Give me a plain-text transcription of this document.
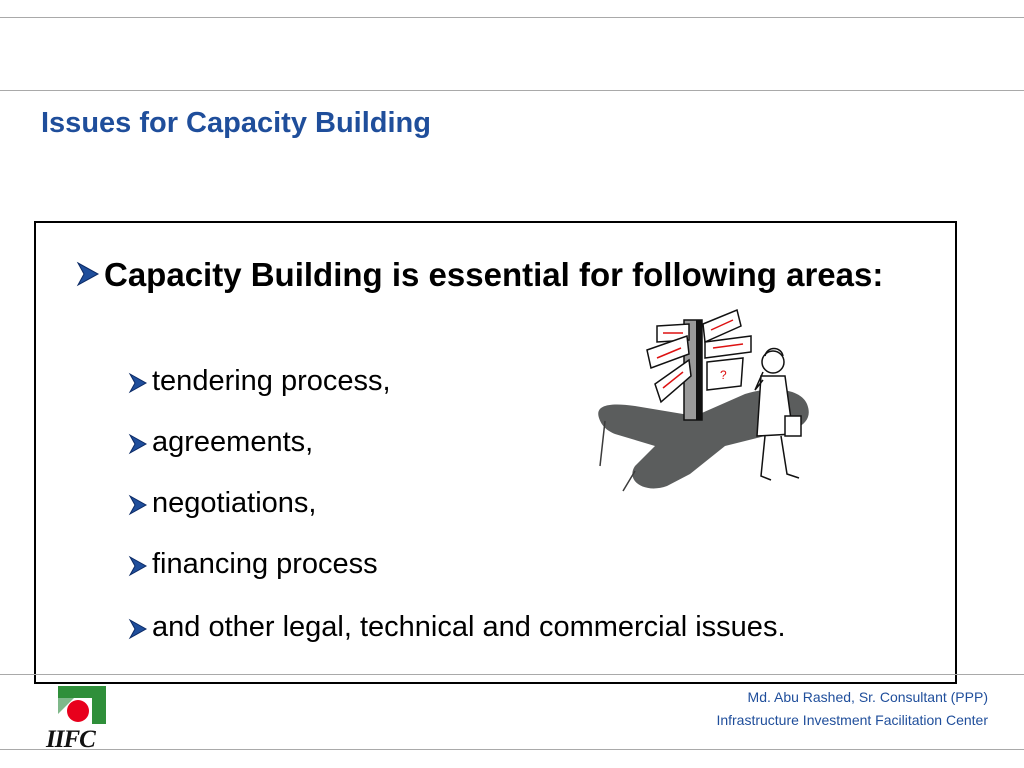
Issues for Capacity Building
Capacity Building is essential for following areas:
tendering process,
agreements,
negotiations,
financing process
and other legal, technical and commercial issues.
?
IIFC
Md. Abu Rashed, Sr. Consultant (PPP)
Infrastructure Investment Facilitation Center
